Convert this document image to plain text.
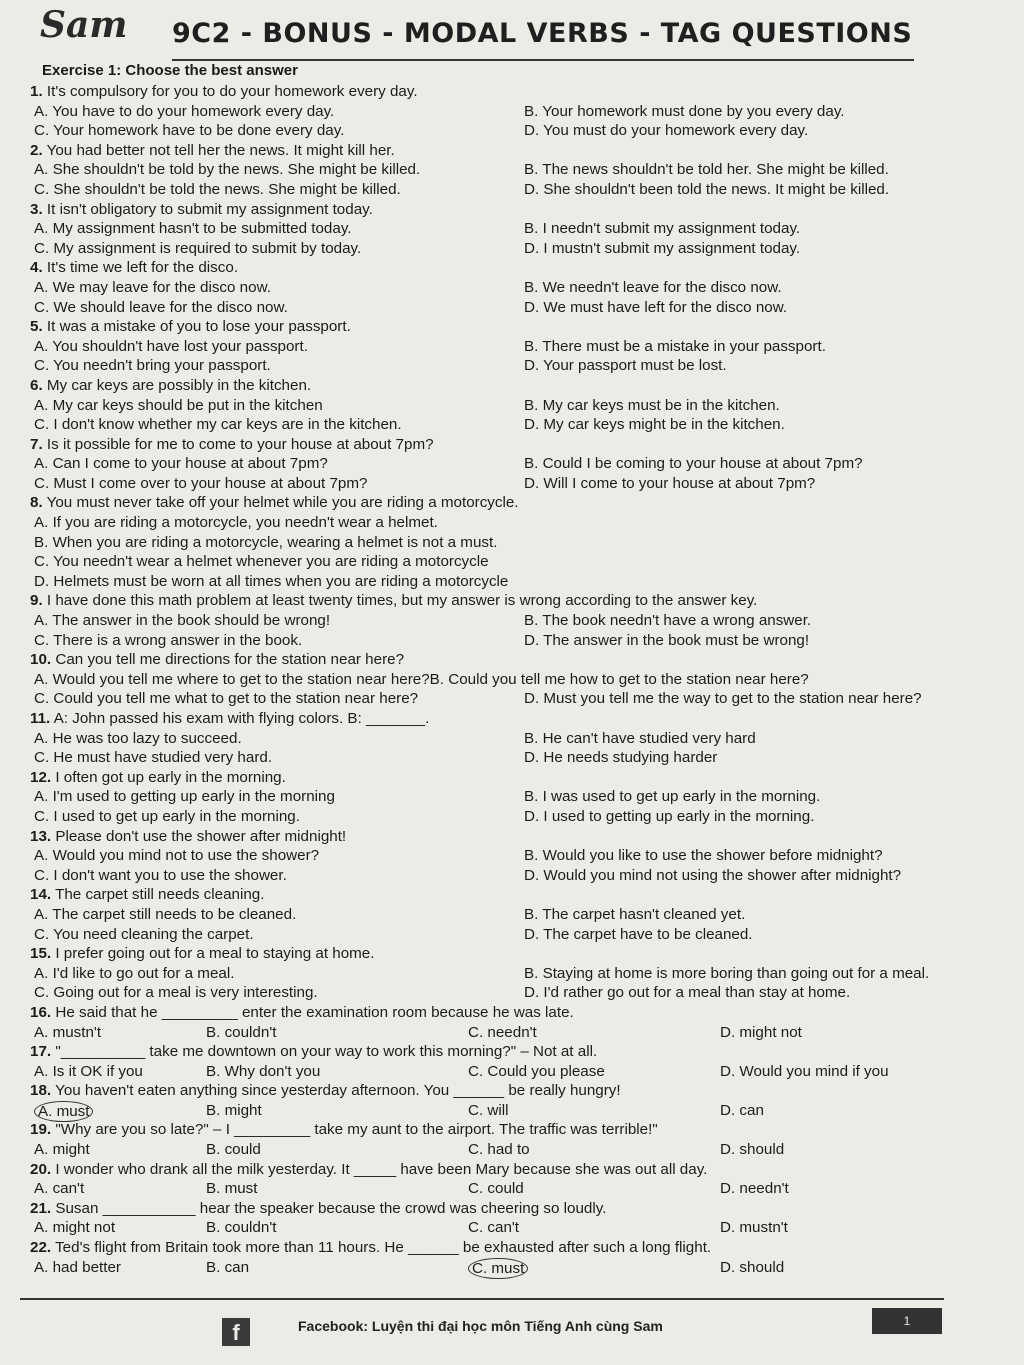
Sam 9C2 - BONUS - MODAL VERBS - TAG QUESTIONS
Exercise 1: Choose the best answer
1. It's compulsory for you to do your homework every day.
A. You have to do your homework every day.	B. Your homework must done by you every day.
C. Your homework have to be done every day.	D. You must do your homework every day.
2. You had better not tell her the news. It might kill her.
A. She shouldn't be told by the news. She might be killed.	B. The news shouldn't be told her. She might be killed.
C. She shouldn't be told the news. She might be killed.	D. She shouldn't been told the news. It might be killed.
3. It isn't obligatory to submit my assignment today.
A. My assignment hasn't to be submitted today.	B. I needn't submit my assignment today.
C. My assignment is required to submit by today.	D. I mustn't submit my assignment today.
4. It's time we left for the disco.
A. We may leave for the disco now.	B. We needn't leave for the disco now.
C. We should leave for the disco now.	D. We must have left for the disco now.
5. It was a mistake of you to lose your passport.
A. You shouldn't have lost your passport.	B. There must be a mistake in your passport.
C. You needn't bring your passport.	D. Your passport must be lost.
6. My car keys are possibly in the kitchen.
A. My car keys should be put in the kitchen	B. My car keys must be in the kitchen.
C. I don't know whether my car keys are in the kitchen.	D. My car keys might be in the kitchen.
7. Is it possible for me to come to your house at about 7pm?
A. Can I come to your house at about 7pm?	B. Could I be coming to your house at about 7pm?
C. Must I come over to your house at about 7pm?	D. Will I come to your house at about 7pm?
8. You must never take off your helmet while you are riding a motorcycle.
A. If you are riding a motorcycle, you needn't wear a helmet.
B. When you are riding a motorcycle, wearing a helmet is not a must.
C. You needn't wear a helmet whenever you are riding a motorcycle
D. Helmets must be worn at all times when you are riding a motorcycle
9. I have done this math problem at least twenty times, but my answer is wrong according to the answer key.
A. The answer in the book should be wrong!	B. The book needn't have a wrong answer.
C. There is a wrong answer in the book.	D. The answer in the book must be wrong!
10. Can you tell me directions for the station near here?
A. Would you tell me where to get to the station near here?B. Could you tell me how to get to the station near here?
C. Could you tell me what to get to the station near here?	D. Must you tell me the way to get to the station near here?
11. A: John passed his exam with flying colors. B: _______.
A. He was too lazy to succeed.	B. He can't have studied very hard
C. He must have studied very hard.	D. He needs studying harder
12. I often got up early in the morning.
A. I'm used to getting up early in the morning	B. I was used to get up early in the morning.
C. I used to get up early in the morning.	D. I used to getting up early in the morning.
13. Please don't use the shower after midnight!
A. Would you mind not to use the shower?	B. Would you like to use the shower before midnight?
C. I don't want you to use the shower.	D. Would you mind not using the shower after midnight?
14. The carpet still needs cleaning.
A. The carpet still needs to be cleaned.	B. The carpet hasn't cleaned yet.
C. You need cleaning the carpet.	D. The carpet have to be cleaned.
15. I prefer going out for a meal to staying at home.
A. I'd like to go out for a meal.	B. Staying at home is more boring than going out for a meal.
C. Going out for a meal is very interesting.	D. I'd rather go out for a meal than stay at home.
16. He said that he _________ enter the examination room because he was late.
A. mustn't	B. couldn't	C. needn't	D. might not
17. "__________ take me downtown on your way to work this morning?" – Not at all.
A. Is it OK if you	B. Why don't you	C. Could you please	D. Would you mind if you
18. You haven't eaten anything since yesterday afternoon. You ______ be really hungry!
A. must	B. might	C. will	D. can
19. "Why are you so late?" – I _________ take my aunt to the airport. The traffic was terrible!"
A. might	B. could	C. had to	D. should
20. I wonder who drank all the milk yesterday. It _____ have been Mary because she was out all day.
A. can't	B. must	C. could	D. needn't
21. Susan ___________ hear the speaker because the crowd was cheering so loudly.
A. might not	B. couldn't	C. can't	D. mustn't
22. Ted's flight from Britain took more than 11 hours. He ______ be exhausted after such a long flight.
A. had better	B. can	C. must	D. should
f	Facebook: Luyện thi đại học môn Tiếng Anh cùng Sam	1
